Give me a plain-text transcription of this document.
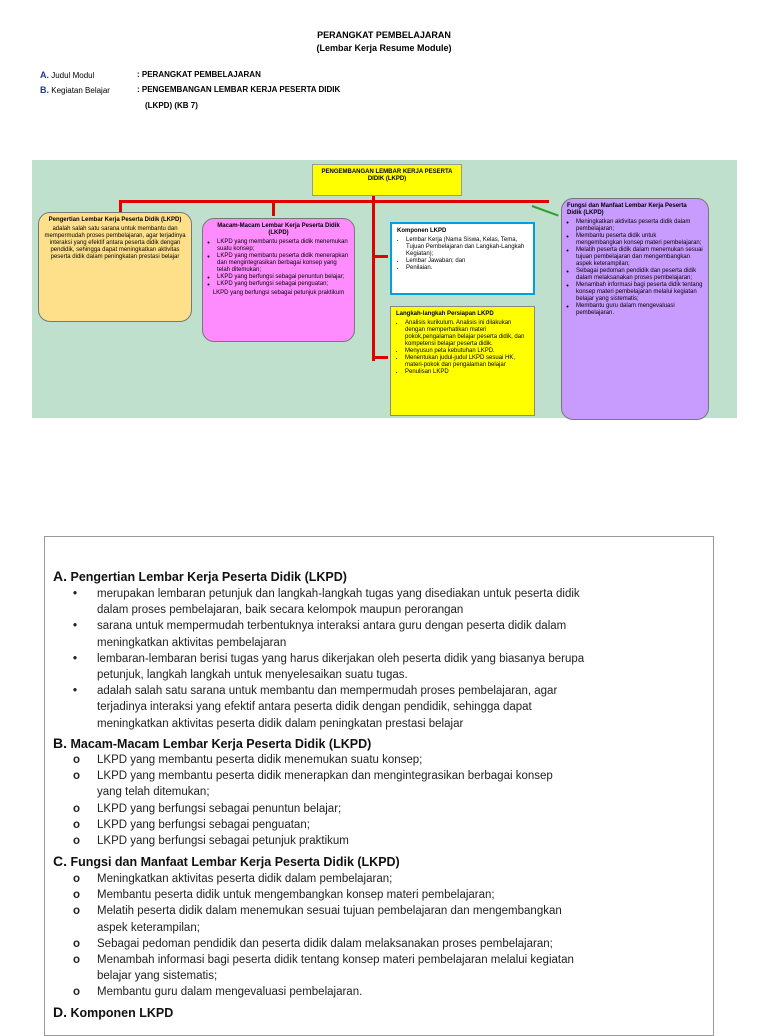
PERANGKAT PEMBELAJARAN
(Lembar Kerja Resume Module)
A. Judul Modul	: PERANGKAT PEMBELAJARAN
B. Kegiatan Belajar	: PENGEMBANGAN LEMBAR KERJA PESERTA DIDIK
(LKPD) (KB 7)
PENGEMBANGAN LEMBAR KERJA PESERTA DIDIK (LKPD)
Pengertian Lembar Kerja Peserta Didik (LKPD)
adalah salah satu sarana untuk membantu dan mempermudah proses pembelajaran, agar terjadinya interaksi yang efektif antara peserta didik dengan pendidik, sehingga dapat meningkatkan aktivitas peserta didik dalam peningkatan prestasi belajar
Macam-Macam Lembar Kerja Peserta Didik (LKPD)
◦ LKPD yang membantu peserta didik menemukan suatu konsep;
◦ LKPD yang membantu peserta didik menerapkan dan mengintegrasikan berbagai konsep yang telah ditemukan;
◦ LKPD yang berfungsi sebagai penuntun belajar;
◦ LKPD yang berfungsi sebagai penguatan;
LKPD yang berfungsi sebagai petunjuk praktikum
Komponen LKPD
• Lembar Kerja (Nama Siswa, Kelas, Tema, Tujuan Pembelajaran dan Langkah-Langkah Kegiatan);
• Lembar Jawaban; dan
• Penilaian.
Langkah-langkah Persiapan LKPD
• Analisis kurikulum. Analisis ini dilakukan dengan memperhatikan materi pokok,pengalaman belajar peserta didik, dan kompetensi belajar peserta didik.
• Menyusun peta kebutuhan LKPD.
• Menentukan judul-judul LKPD sesuai HK, materi-pokok dan pengalaman belajar
• Penulisan LKPD
Fungsi dan Manfaat Lembar Kerja Peserta Didik (LKPD)
◦ Meningkatkan aktivitas peserta didik dalam pembelajaran;
◦ Membantu peserta didik untuk mengembangkan konsep materi pembelajaran;
◦ Melatih peserta didik dalam menemukan sesuai tujuan pembelajaran dan mengembangkan aspek keterampilan;
◦ Sebagai pedoman pendidik dan peserta didik dalam melaksanakan proses pembelajaran;
◦ Menambah informasi bagi peserta didik tentang konsep materi pembelajaran melalui kegiatan belajar yang sistematis;
◦ Membantu guru dalam mengevaluasi pembelajaran.
A. Pengertian Lembar Kerja Peserta Didik (LKPD)
• merupakan lembaran petunjuk dan langkah-langkah tugas yang disediakan untuk peserta didik
dalam proses pembelajaran, baik secara kelompok maupun perorangan
• sarana untuk mempermudah terbentuknya interaksi antara guru dengan peserta didik dalam
meningkatkan aktivitas pembelajaran
• lembaran-lembaran berisi tugas yang harus dikerjakan oleh peserta didik yang biasanya berupa
petunjuk, langkah langkah untuk menyelesaikan suatu tugas.
• adalah salah satu sarana untuk membantu dan mempermudah proses pembelajaran, agar
terjadinya interaksi yang efektif antara peserta didik dengan pendidik, sehingga dapat
meningkatkan aktivitas peserta didik dalam peningkatan prestasi belajar
B. Macam-Macam Lembar Kerja Peserta Didik (LKPD)
o LKPD yang membantu peserta didik menemukan suatu konsep;
o LKPD yang membantu peserta didik menerapkan dan mengintegrasikan berbagai konsep
yang telah ditemukan;
o LKPD yang berfungsi sebagai penuntun belajar;
o LKPD yang berfungsi sebagai penguatan;
o LKPD yang berfungsi sebagai petunjuk praktikum
C. Fungsi dan Manfaat Lembar Kerja Peserta Didik (LKPD)
o Meningkatkan aktivitas peserta didik dalam pembelajaran;
o Membantu peserta didik untuk mengembangkan konsep materi pembelajaran;
o Melatih peserta didik dalam menemukan sesuai tujuan pembelajaran dan mengembangkan
aspek keterampilan;
o Sebagai pedoman pendidik dan peserta didik dalam melaksanakan proses pembelajaran;
o Menambah informasi bagi peserta didik tentang konsep materi pembelajaran melalui kegiatan
belajar yang sistematis;
o Membantu guru dalam mengevaluasi pembelajaran.
D. Komponen LKPD
